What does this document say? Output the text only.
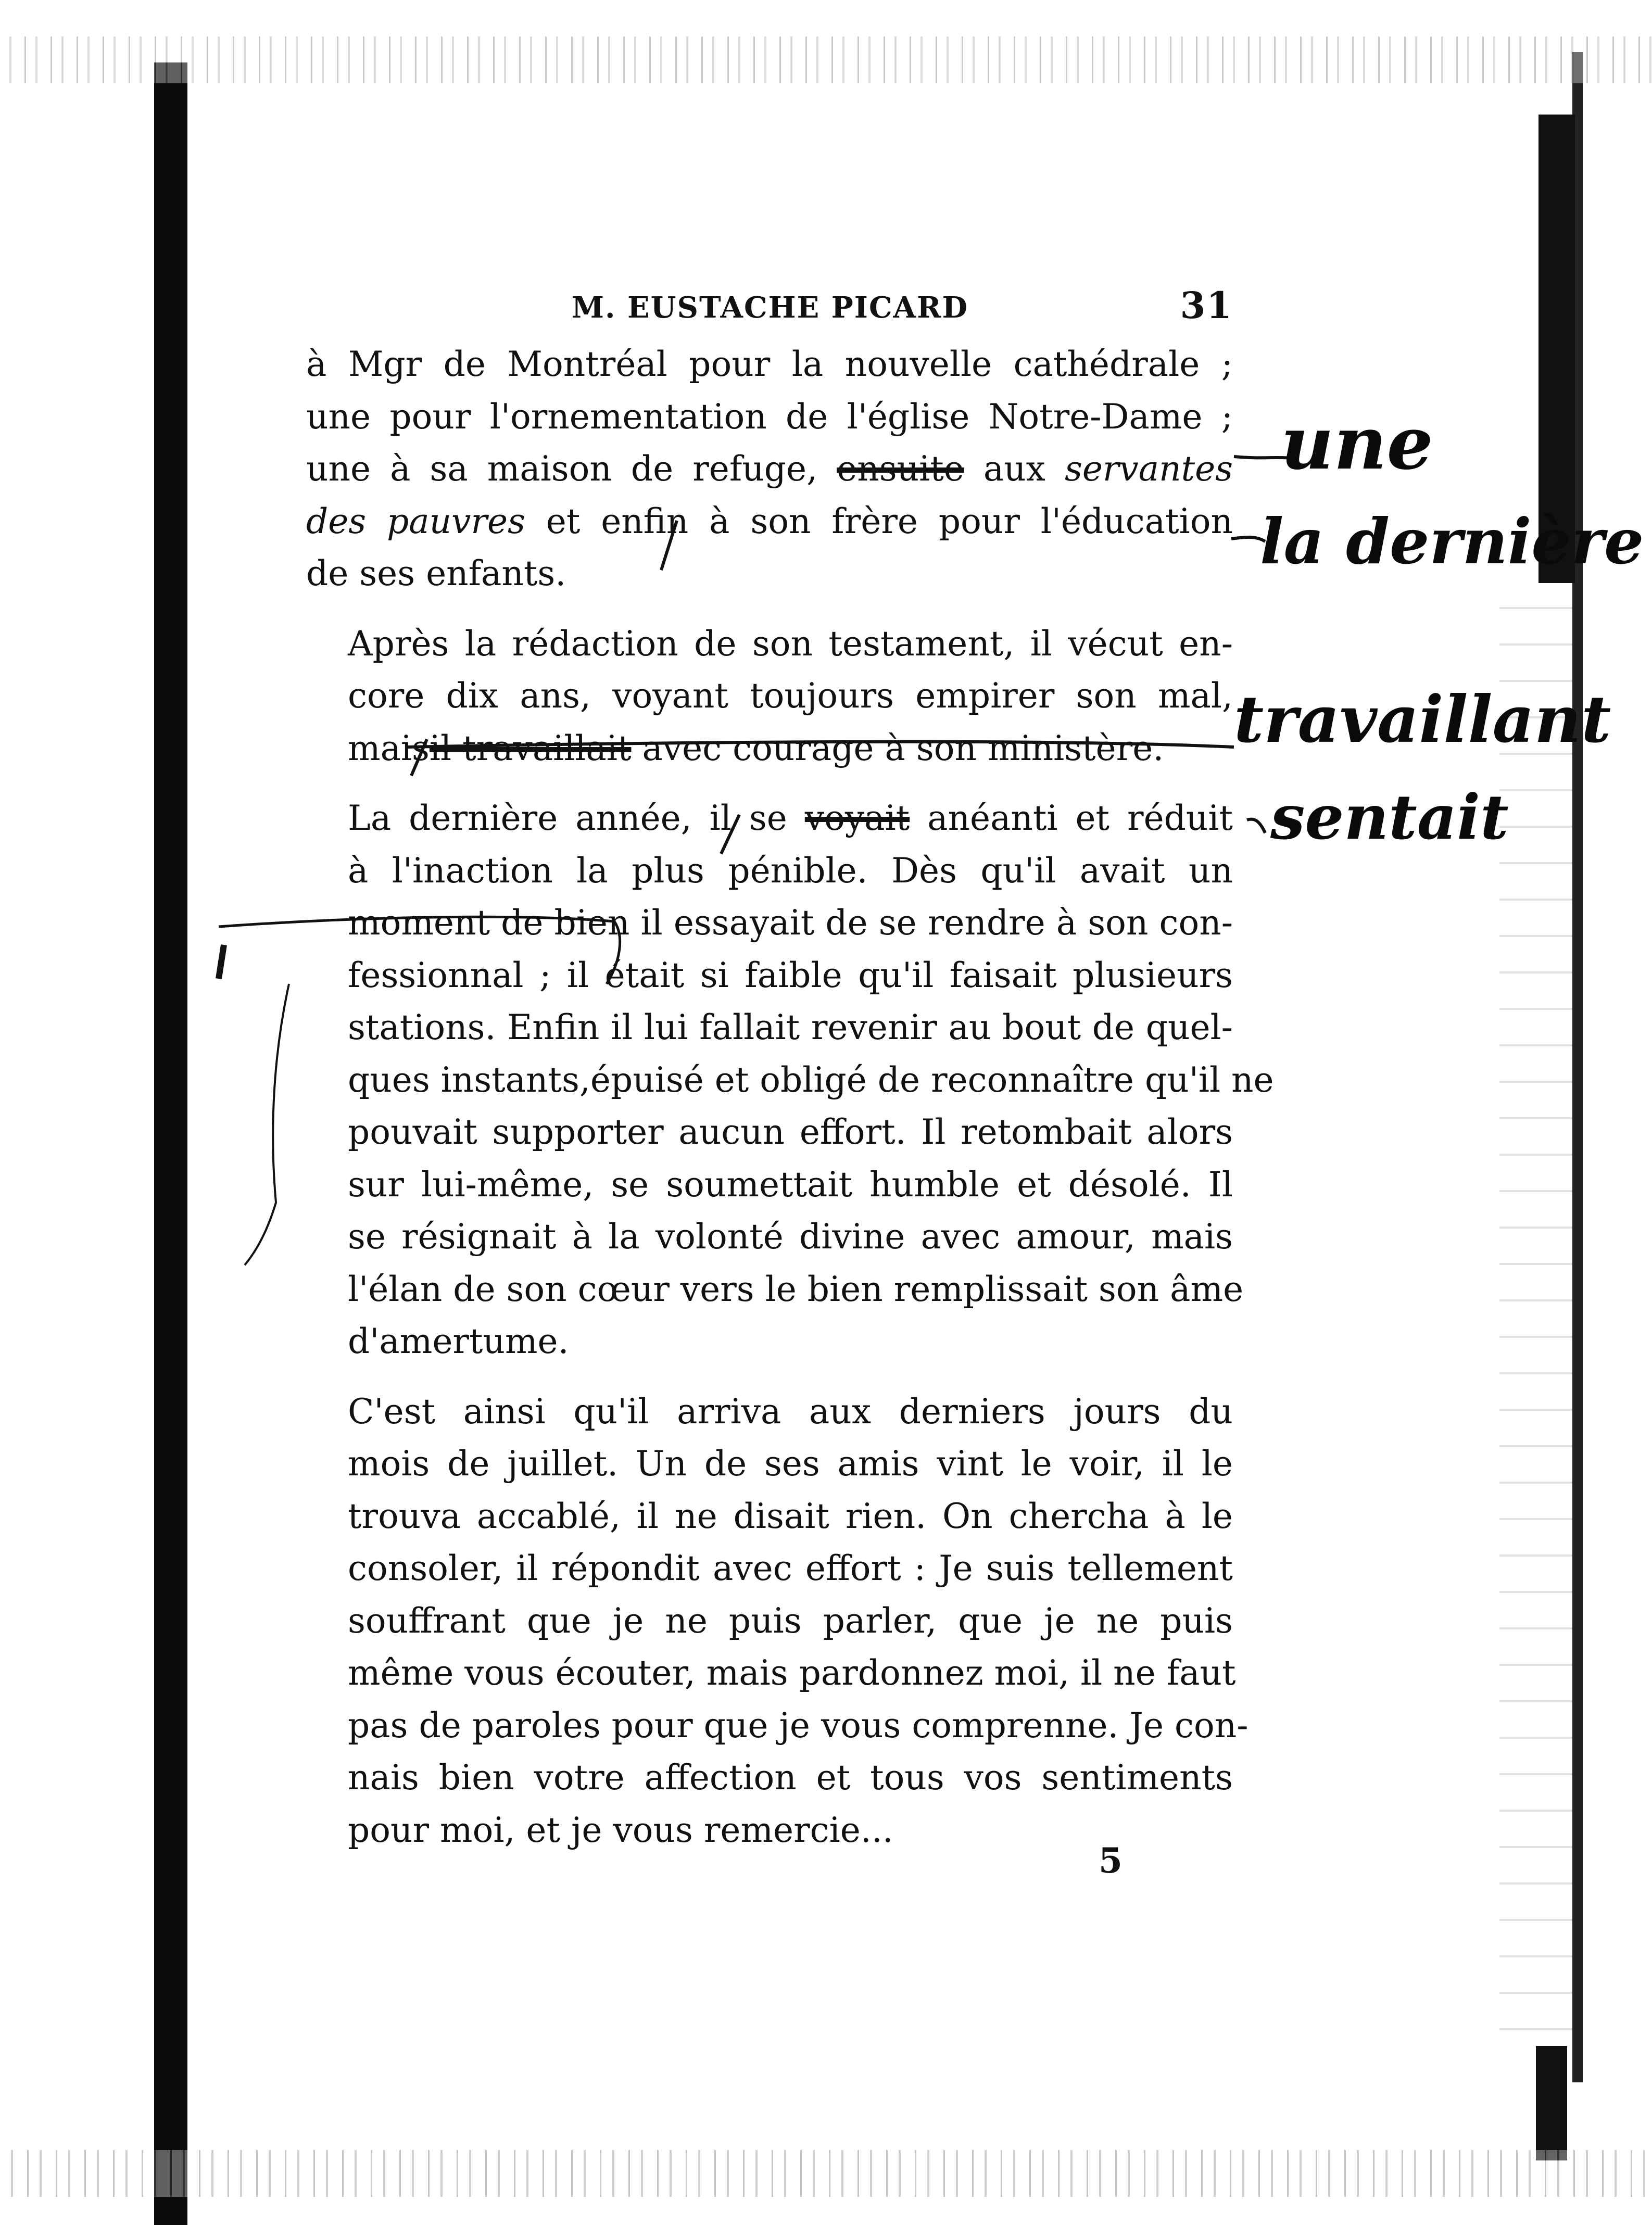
M. EUSTACHE PICARD	31

à Mgr de Montréal pour la nouvelle cathédrale ;
une pour l'ornementation de l'église Notre-Dame ;
une à sa maison de refuge, ensuite aux servantes
des pauvres et enfin à son frère pour l'éducation
de ses enfants.

Après la rédaction de son testament, il vécut en-
core dix ans, voyant toujours empirer son mal,
maisil travaillait avec courage à son ministère.

La dernière année, il se voyait anéanti et réduit
à l'inaction la plus pénible. Dès qu'il avait un
moment de bien il essayait de se rendre à son con-
fessionnal ; il était si faible qu'il faisait plusieurs
stations. Enfin il lui fallait revenir au bout de quel-
ques instants,épuisé et obligé de reconnaître qu'il ne
pouvait supporter aucun effort. Il retombait alors
sur lui-même, se soumettait humble et désolé. Il
se résignait à la volonté divine avec amour, mais
l'élan de son cœur vers le bien remplissait son âme
d'amertume.

C'est ainsi qu'il arriva aux derniers jours du
mois de juillet. Un de ses amis vint le voir, il le
trouva accablé, il ne disait rien. On chercha à le
consoler, il répondit avec effort : Je suis tellement
souffrant que je ne puis parler, que je ne puis
même vous écouter, mais pardonnez moi, il ne faut
pas de paroles pour que je vous comprenne. Je con-
nais bien votre affection et tous vos sentiments
pour moi, et je vous remercie...

5
une
la dernière
travaillant
sentait
